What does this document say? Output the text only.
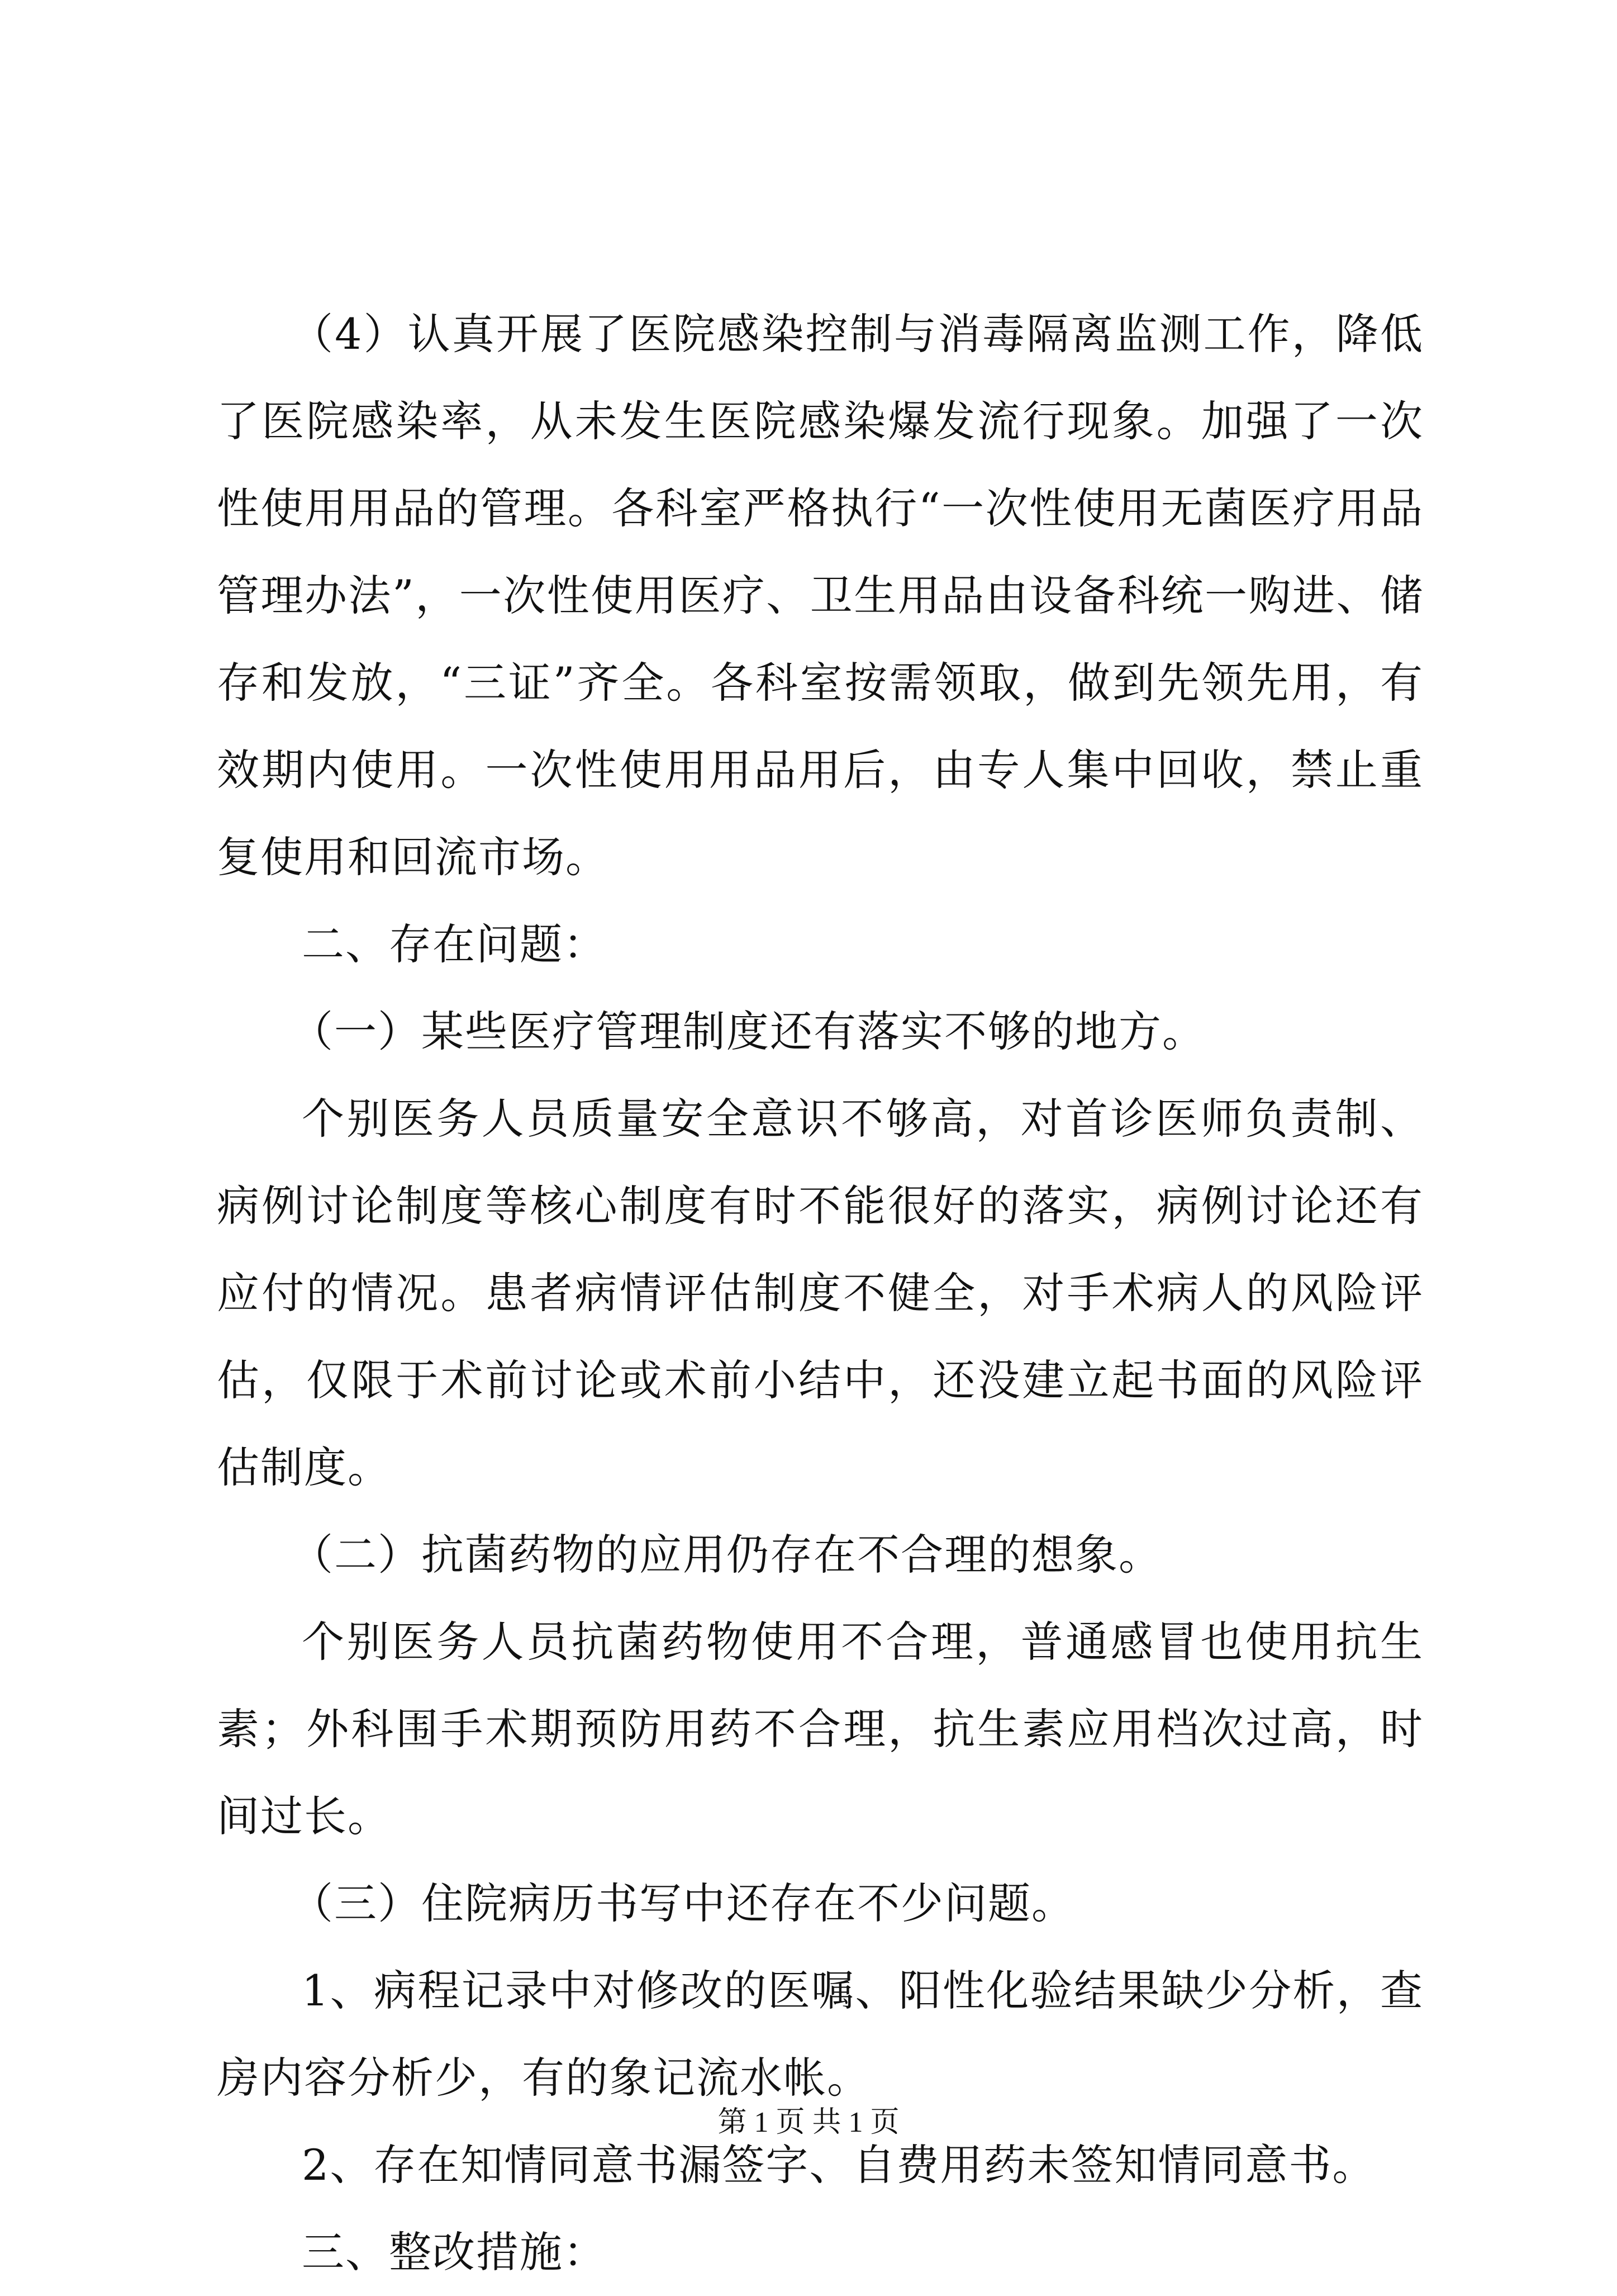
（4）认真开展了医院感染控制与消毒隔离监测工作，降低了医院感染率，从未发生医院感染爆发流行现象。加强了一次性使用用品的管理。各科室严格执行“一次性使用无菌医疗用品管理办法”，一次性使用医疗、卫生用品由设备科统一购进、储存和发放，“三证”齐全。各科室按需领取，做到先领先用，有效期内使用。一次性使用用品用后，由专人集中回收，禁止重复使用和回流市场。

二、存在问题：

（一）某些医疗管理制度还有落实不够的地方。

个别医务人员质量安全意识不够高，对首诊医师负责制、病例讨论制度等核心制度有时不能很好的落实，病例讨论还有应付的情况。患者病情评估制度不健全，对手术病人的风险评估，仅限于术前讨论或术前小结中，还没建立起书面的风险评估制度。

（二）抗菌药物的应用仍存在不合理的想象。

个别医务人员抗菌药物使用不合理，普通感冒也使用抗生素；外科围手术期预防用药不合理，抗生素应用档次过高，时间过长。

（三）住院病历书写中还存在不少问题。

1、病程记录中对修改的医嘱、阳性化验结果缺少分析，查房内容分析少，有的象记流水帐。

2、存在知情同意书漏签字、自费用药未签知情同意书。

三、整改措施：

第 1 页 共 1 页
